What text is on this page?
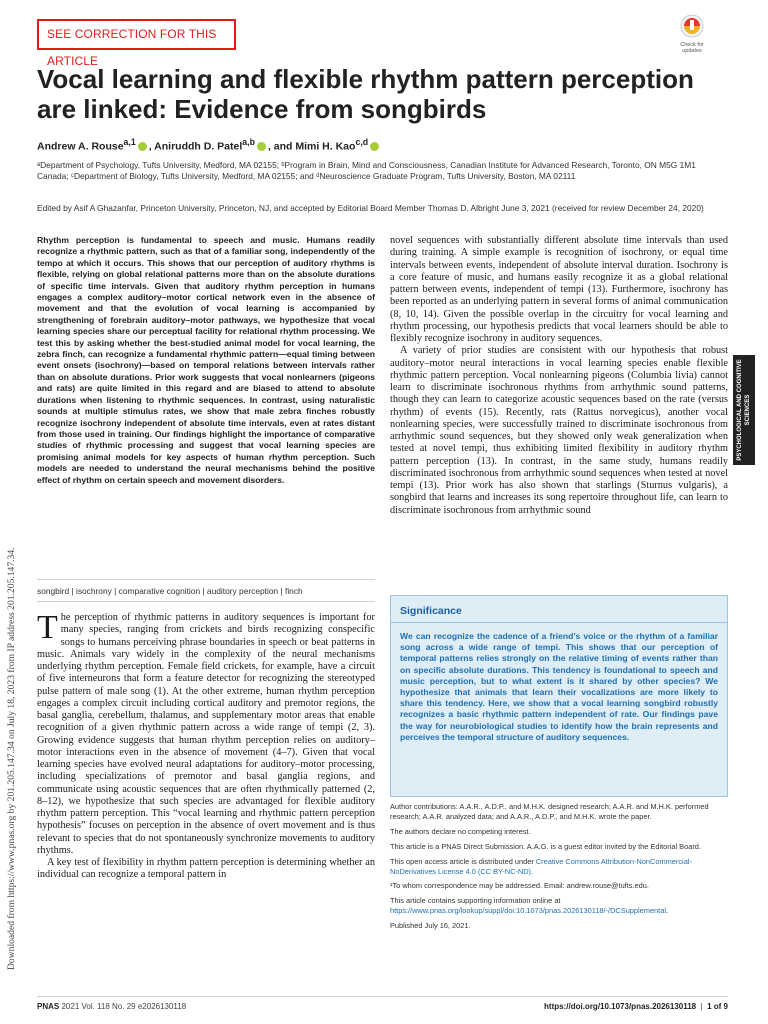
SEE CORRECTION FOR THIS ARTICLE
Check for updates
Vocal learning and flexible rhythm pattern perception are linked: Evidence from songbirds
Andrew A. Rouse$^{a,1}$ , Aniruddh D. Patel$^{a,b}$ , and Mimi H. Kao$^{c,d}$
ᵃDepartment of Psychology, Tufts University, Medford, MA 02155; ᵇProgram in Brain, Mind and Consciousness, Canadian Institute for Advanced Research, Toronto, ON M5G 1M1 Canada; ᶜDepartment of Biology, Tufts University, Medford, MA 02155; and ᵈNeuroscience Graduate Program, Tufts University, Boston, MA 02111
Edited by Asif A Ghazanfar, Princeton University, Princeton, NJ, and accepted by Editorial Board Member Thomas D. Albright June 3, 2021 (received for review December 24, 2020)
Rhythm perception is fundamental to speech and music. Humans readily recognize a rhythmic pattern, such as that of a familiar song, independently of the tempo at which it occurs. This shows that our perception of auditory rhythms is flexible, relying on global relational patterns more than on the absolute durations of specific time intervals. Given that auditory rhythm perception in humans engages a complex auditory–motor cortical network even in the absence of movement and that the evolution of vocal learning is accompanied by strengthening of forebrain auditory–motor pathways, we hypothesize that vocal learning species share our perceptual facility for relational rhythm processing. We test this by asking whether the best-studied animal model for vocal learning, the zebra finch, can recognize a fundamental rhythmic pattern—equal timing between event onsets (isochrony)—based on temporal relations between intervals rather than on absolute durations. Prior work suggests that vocal nonlearners (pigeons and rats) are quite limited in this regard and are biased to attend to absolute durations when listening to rhythmic sequences. In contrast, using naturalistic sounds at multiple stimulus rates, we show that male zebra finches robustly recognize isochrony independent of absolute time intervals, even at rates distant from those used in training. Our findings highlight the importance of comparative studies of rhythmic processing and suggest that vocal learning species are promising animal models for key aspects of human rhythm perception. Such models are needed to understand the neural mechanisms behind the positive effect of rhythm on certain speech and movement disorders.
songbird | isochrony | comparative cognition | auditory perception | finch

The perception of rhythmic patterns in auditory sequences is important for many species, ranging from crickets and birds recognizing conspecific songs to humans perceiving phrase boundaries in speech or beat patterns in music. Animals vary widely in the complexity of the neural mechanisms underlying rhythm perception. Female field crickets, for example, have a circuit of five interneurons that form a feature detector for recognizing the stereotyped pulse pattern of male song (1). At the other extreme, human rhythm perception engages a complex circuit including cortical auditory and premotor regions, the basal ganglia, cerebellum, thalamus, and supplementary motor areas that enable recognition of a given rhythmic pattern across a wide range of tempi (2, 3). Growing evidence suggests that human rhythm perception relies on auditory–motor interactions even in the absence of movement (4–7). Given that vocal learning species have evolved neural adaptations for auditory–motor processing, including specializations of premotor and basal ganglia regions, and communicate using acoustic sequences that are often rhythmically patterned (2, 8–12), we hypothesize that such species are advantaged for flexible auditory rhythm pattern perception. This “vocal learning and rhythmic pattern perception hypothesis” focuses on perception in the absence of overt movement and is thus relevant to species that do not spontaneously synchronize movements to auditory rhythms.

A key test of flexibility in rhythm pattern perception is determining whether an individual can recognize a temporal pattern in

novel sequences with substantially different absolute time intervals than used during training. A simple example is recognition of isochrony, or equal time intervals between events, independent of absolute interval duration. Isochrony is a core feature of music, and humans easily recognize it as a global relational pattern between events, independent of tempi (13). Furthermore, isochrony has been reported as an underlying pattern in several forms of animal communication (8, 10, 14). Given the possible overlap in the circuitry for vocal learning and rhythm processing, our hypothesis predicts that vocal learners should be able to flexibly recognize isochrony in auditory sequences.

A variety of prior studies are consistent with our hypothesis that robust auditory–motor neural interactions in vocal learning species enable flexible rhythmic pattern perception. Vocal nonlearning pigeons (Columbia livia) cannot learn to discriminate isochronous rhythms from arrhythmic sound patterns, though they can learn to categorize acoustic sequences based on the rate (versus rhythm) of events (15). Recently, rats (Rattus norvegicus), another vocal nonlearning species, were successfully trained to discriminate isochronous from arrhythmic sound sequences, but they showed only weak generalization when tested at novel tempi, thus exhibiting limited flexibility in auditory rhythm pattern perception (13). In contrast, in the same study, humans readily discriminated isochronous from arrhythmic sound sequences when tested at novel tempi (13). Prior work has also shown that starlings (Sturnus vulgaris), a songbird that learns and increases its song repertoire throughout life, can learn to discriminate isochronous from arrhythmic sound

PSYCHOLOGICAL AND COGNITIVE SCIENCES
Significance
We can recognize the cadence of a friend’s voice or the rhythm of a familiar song across a wide range of tempi. This shows that our perception of temporal patterns relies strongly on the relative timing of events rather than on specific absolute durations. This tendency is foundational to speech and music perception, but to what extent is it shared by other species? We hypothesize that animals that learn their vocalizations are more likely to share this tendency. Here, we show that a vocal learning songbird robustly recognizes a basic rhythmic pattern independent of rate. Our findings pave the way for neurobiological studies to identify how the brain represents and perceives the temporal structure of auditory sequences.

Author contributions: A.A.R., A.D.P., and M.H.K. designed research; A.A.R. and M.H.K. performed research; A.A.R. analyzed data; and A.A.R., A.D.P., and M.H.K. wrote the paper.

The authors declare no competing interest.

This article is a PNAS Direct Submission. A.A.G. is a guest editor invited by the Editorial Board.

This open access article is distributed under Creative Commons Attribution-NonCommercial-NoDerivatives License 4.0 (CC BY-NC-ND).

¹To whom correspondence may be addressed. Email: andrew.rouse@tufts.edu.

This article contains supporting information online at https://www.pnas.org/lookup/suppl/doi:10.1073/pnas.2026130118/-/DCSupplemental.

Published July 16, 2021.

Downloaded from https://www.pnas.org by 201.205.147.34 on July 18, 2023 from IP address 201.205.147.34.
PNAS 2021 Vol. 118 No. 29 e2026130118	https://doi.org/10.1073/pnas.2026130118  |  1 of 9
